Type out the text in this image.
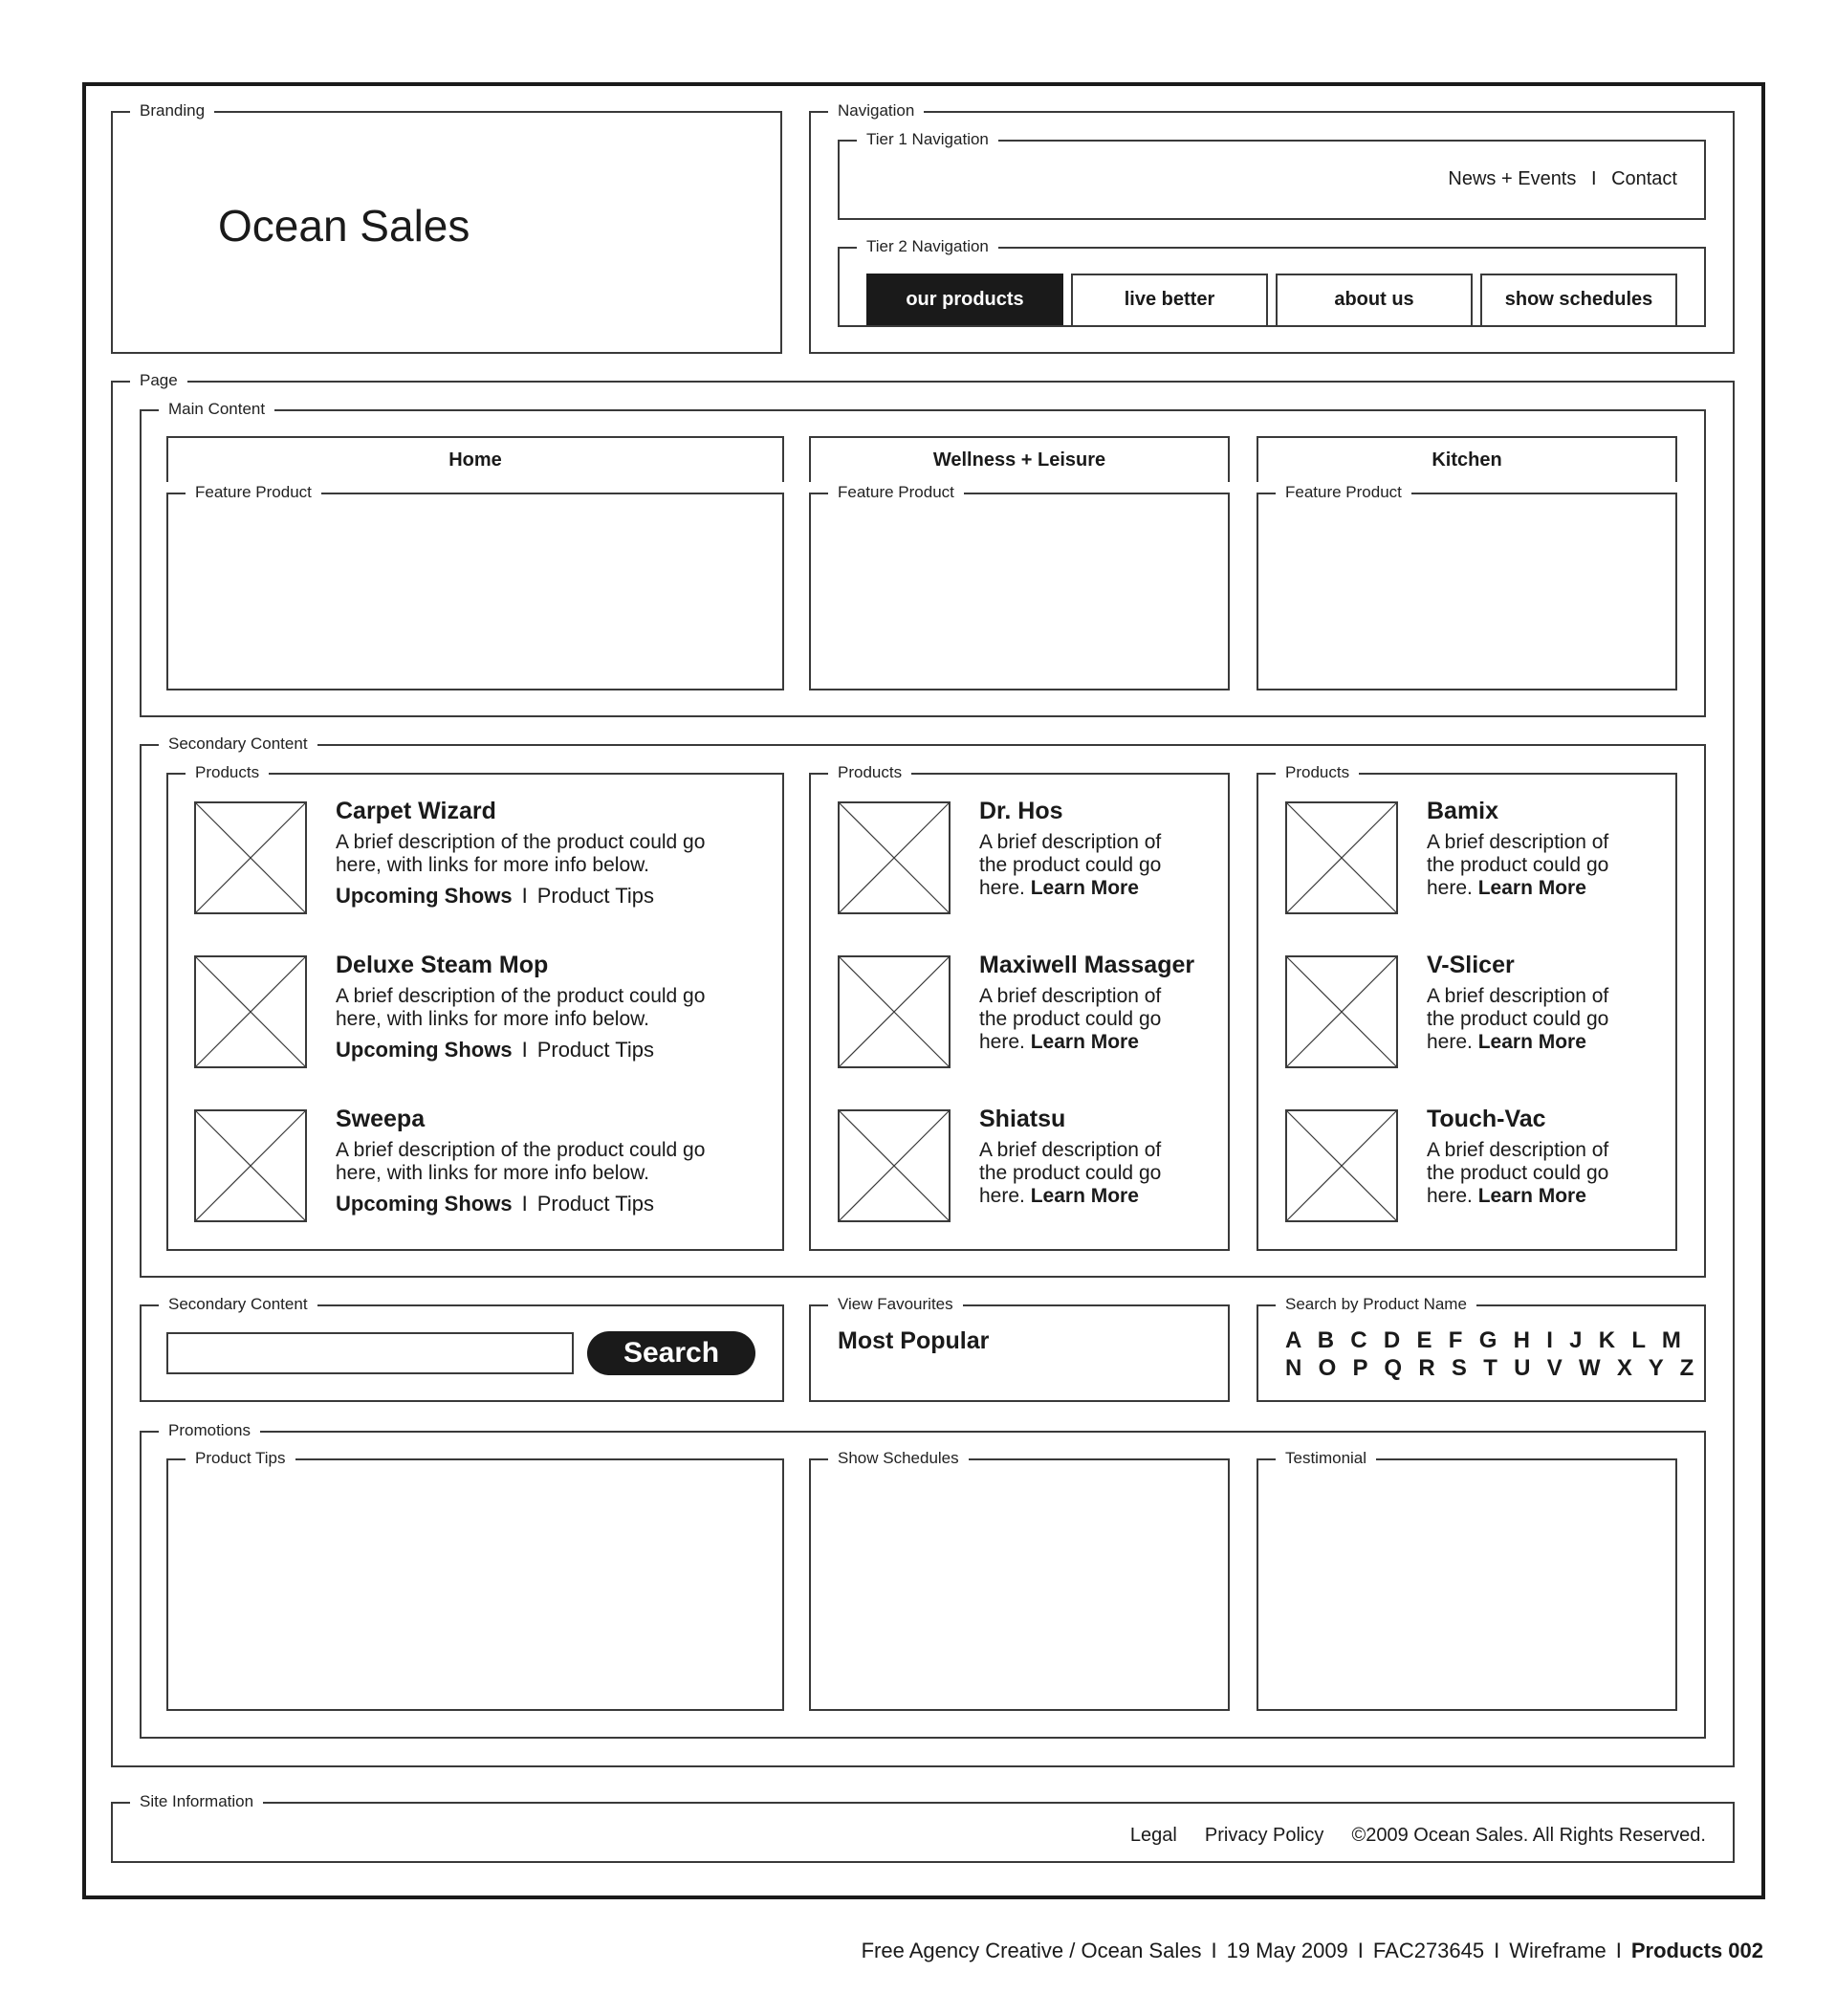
Branding
Ocean Sales
Navigation
Tier 1 Navigation
News + Events I Contact
Tier 2 Navigation
our products	live better	about us	show schedules
Page
Main Content
Home	Wellness + Leisure	Kitchen
Feature Product	Feature Product	Feature Product
Secondary Content
Products
Carpet Wizard
A brief description of the product could go
here, with links for more info below.
Upcoming Shows I Product Tips
Deluxe Steam Mop
A brief description of the product could go
here, with links for more info below.
Upcoming Shows I Product Tips
Sweepa
A brief description of the product could go
here, with links for more info below.
Upcoming Shows I Product Tips
Products
Dr. Hos
A brief description of
the product could go
here. Learn More
Maxiwell Massager
A brief description of
the product could go
here. Learn More
Shiatsu
A brief description of
the product could go
here. Learn More
Products
Bamix
A brief description of
the product could go
here. Learn More
V-Slicer
A brief description of
the product could go
here. Learn More
Touch-Vac
A brief description of
the product could go
here. Learn More
Secondary Content
Search
View Favourites
Most Popular
Search by Product Name
A B C D E F G H I J K L M
N O P Q R S T U V W X Y Z
Promotions
Product Tips	Show Schedules	Testimonial
Site Information
Legal Privacy Policy ©2009 Ocean Sales. All Rights Reserved.
Free Agency Creative / Ocean Sales I 19 May 2009 I FAC273645 I Wireframe I Products 002
